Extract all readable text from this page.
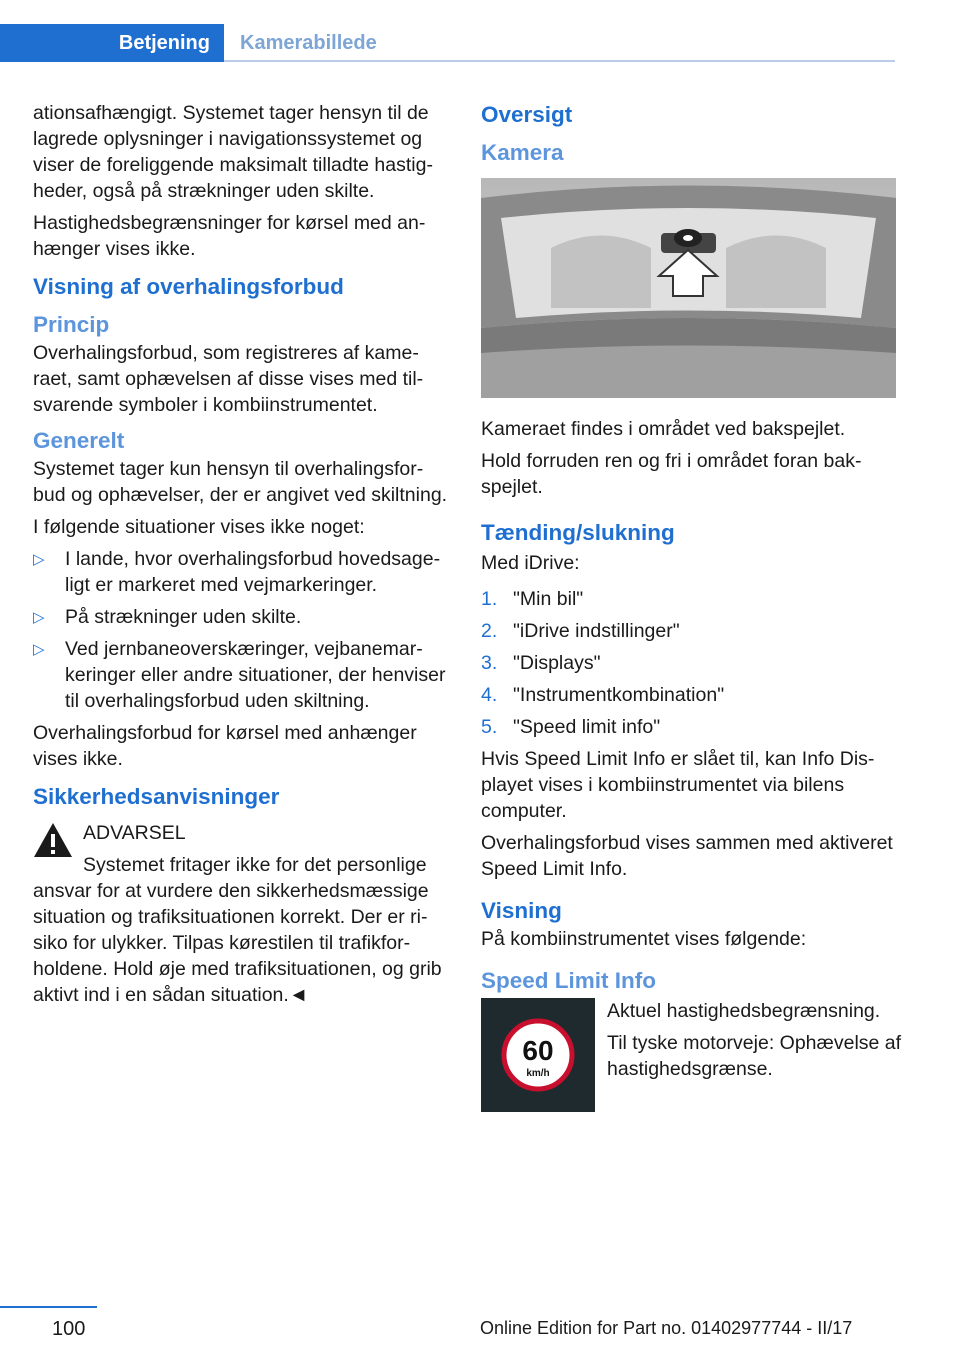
Betjening	Kamerabillede

ationsafhængigt. Systemet tager hensyn til de lagrede oplysninger i navigationssystemet og viser de foreliggende maksimalt tilladte hastigheder, også på strækninger uden skilte.

Hastighedsbegrænsninger for kørsel med anhænger vises ikke.

Visning af overhalingsforbud
Princip

Overhalingsforbud, som registreres af kameraet, samt ophævelsen af disse vises med tilsvarende symboler i kombiinstrumentet.

Generelt

Systemet tager kun hensyn til overhalingsforbud og ophævelser, der er angivet ved skiltning.

I følgende situationer vises ikke noget:

▷ I lande, hvor overhalingsforbud hovedsageligt er markeret med vejmarkeringer.
▷ På strækninger uden skilte.
▷ Ved jernbaneoverskæringer, vejbanemarkeringer eller andre situationer, der henviser til overhalingsforbud uden skiltning.

Overhalingsforbud for kørsel med anhænger vises ikke.

Sikkerhedsanvisninger
ADVARSEL
Systemet fritager ikke for det personlige ansvar for at vurdere den sikkerhedsmæssige situation og trafiksituationen korrekt. Der er risiko for ulykker. Tilpas kørestilen til trafikforholdene. Hold øje med trafiksituationen, og grib aktivt ind i en sådan situation.◄
Oversigt
Kamera

Kameraet findes i området ved bakspejlet.

Hold forruden ren og fri i området foran bakspejlet.

Tænding/slukning

Med iDrive:

1. "Min bil"
2. "iDrive indstillinger"
3. "Displays"
4. "Instrumentkombination"
5. "Speed limit info"

Hvis Speed Limit Info er slået til, kan Info Displayet vises i kombiinstrumentet via bilens computer.

Overhalingsforbud vises sammen med aktiveret Speed Limit Info.

Visning

På kombiinstrumentet vises følgende:

Speed Limit Info
60
km/h

Aktuel hastighedsbegrænsning.

Til tyske motorveje: Ophævelse af hastighedsgrænse.

100	Online Edition for Part no. 01402977744 - II/17
